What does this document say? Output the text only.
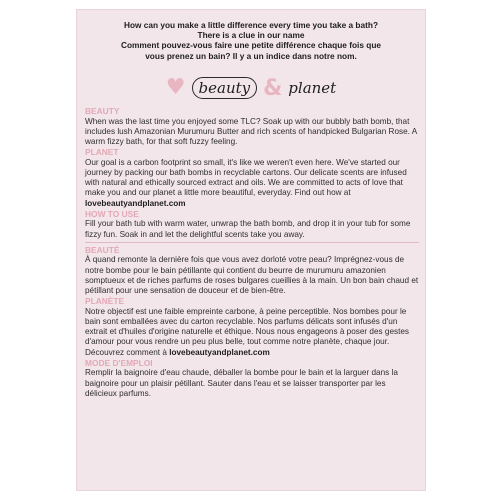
How can you make a little difference every time you take a bath?
There is a clue in our name
Comment pouvez-vous faire une petite différence chaque fois que
vous prenez un bain? Il y a un indice dans notre nom.
♥ beauty & planet
BEAUTY

When was the last time you enjoyed some TLC? Soak up with our bubbly bath bomb, that includes lush Amazonian Murumuru Butter and rich scents of handpicked Bulgarian Rose. A warm fizzy bath, for that soft fuzzy feeling.

PLANET

Our goal is a carbon footprint so small, it's like we weren't even here. We've started our journey by packing our bath bombs in recyclable cartons. Our delicate scents are infused with natural and ethically sourced extract and oils. We are committed to acts of love that make you and our planet a little more beautiful, everyday. Find out how at lovebeautyandplanet.com

HOW TO USE

Fill your bath tub with warm water, unwrap the bath bomb, and drop it in your tub for some fizzy fun. Soak in and let the delightful scents take you away.

BEAUTÉ

À quand remonte la dernière fois que vous avez dorloté votre peau? Imprégnez-vous de notre bombe pour le bain pétillante qui contient du beurre de murumuru amazonien somptueux et de riches parfums de roses bulgares cueillies à la main. Un bon bain chaud et pétillant pour une sensation de douceur et de bien-être.

PLANÈTE

Notre objectif est une faible empreinte carbone, à peine perceptible. Nos bombes pour le bain sont emballées avec du carton recyclable. Nos parfums délicats sont infusés d'un extrait et d'huiles d'origine naturelle et éthique. Nous nous engageons à poser des gestes d'amour pour vous rendre un peu plus belle, tout comme notre planète, chaque jour. Découvrez comment à lovebeautyandplanet.com

MODE D'EMPLOI

Remplir la baignoire d'eau chaude, déballer la bombe pour le bain et la larguer dans la baignoire pour un plaisir pétillant. Sauter dans l'eau et se laisser transporter par les délicieux parfums.
